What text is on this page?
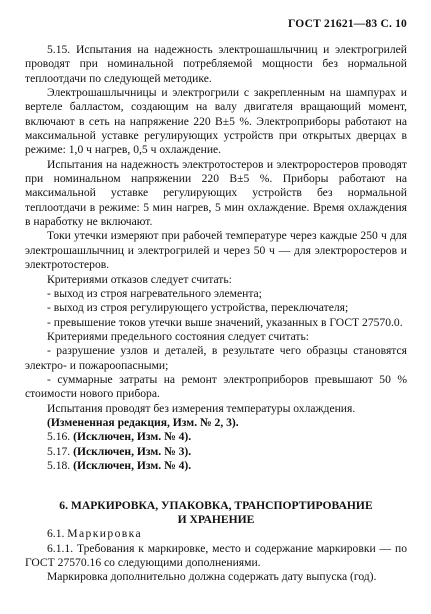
ГОСТ 21621—83 С. 10

5.15. Испытания на надежность электрошашлычниц и электрогрилей проводят при номинальной потребляемой мощности без нормальной теплоотдачи по следующей методике.

Электрошашлычницы и электрогрили с закрепленным на шампурах и вертеле балластом, создающим на валу двигателя вращающий момент, включают в сеть на напряжение 220 В±5 %. Электроприборы работают на максимальной уставке регулирующих устройств при открытых дверцах в режиме: 1,0 ч нагрев, 0,5 ч охлаждение.

Испытания на надежность электротостеров и электроростеров проводят при номинальном напряжении 220 В±5 %. Приборы работают на максимальной уставке регулирующих устройств без нормальной теплоотдачи в режиме: 5 мин нагрев, 5 мин охлаждение. Время охлаждения в наработку не включают.

Токи утечки измеряют при рабочей температуре через каждые 250 ч для электрошашлычниц и электрогрилей и через 50 ч — для электроростеров и электротостеров.

Критериями отказов следует считать:

- выход из строя нагревательного элемента;

- выход из строя регулирующего устройства, переключателя;

- превышение токов утечки выше значений, указанных в ГОСТ 27570.0.

Критериями предельного состояния следует считать:

- разрушение узлов и деталей, в результате чего образцы становятся электро- и пожароопасными;

- суммарные затраты на ремонт электроприборов превышают 50 % стоимости нового прибора.

Испытания проводят без измерения температуры охлаждения.

(Измененная редакция, Изм. № 2, 3).

5.16. (Исключен, Изм. № 4).

5.17. (Исключен, Изм. № 3).

5.18. (Исключен, Изм. № 4).

6. МАРКИРОВКА, УПАКОВКА, ТРАНСПОРТИРОВАНИЕ
И ХРАНЕНИЕ

6.1. Маркировка

6.1.1. Требования к маркировке, место и содержание маркировки — по ГОСТ 27570.16 со следующими дополнениями.

Маркировка дополнительно должна содержать дату выпуска (год).
